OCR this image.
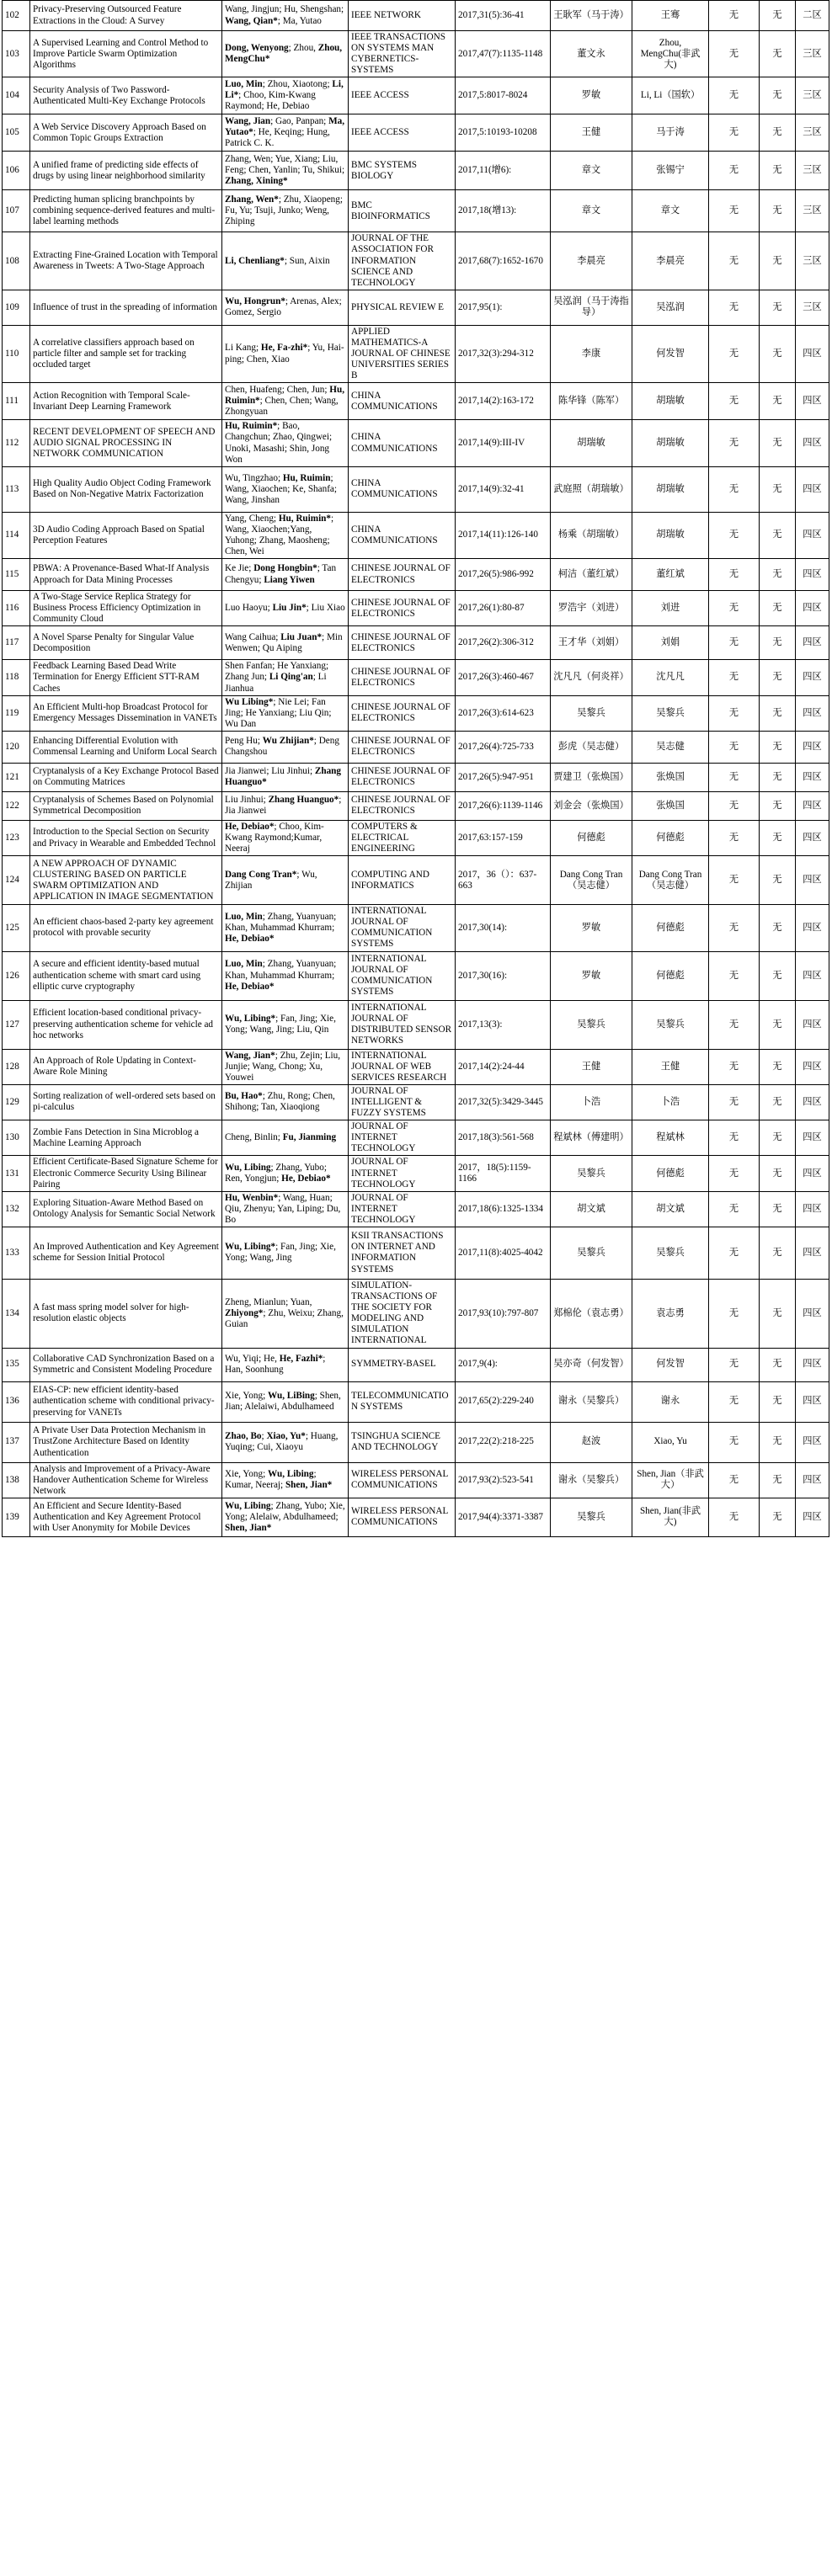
102	Privacy-Preserving Outsourced Feature Extractions in the Cloud: A Survey	Wang, Jingjun; Hu, Shengshan; Wang, Qian*; Ma, Yutao	IEEE NETWORK	2017,31(5):36-41	王耿军（马于涛）	王骞	无	无	二区
103	A Supervised Learning and Control Method to Improve Particle Swarm Optimization Algorithms	Dong, Wenyong; Zhou, Zhou, MengChu*	IEEE TRANSACTIONS ON SYSTEMS MAN CYBERNETICS-SYSTEMS	2017,47(7):1135-1148	董文永	Zhou, MengChu(非武大)	无	无	三区
104	Security Analysis of Two Password-Authenticated Multi-Key Exchange Protocols	Luo, Min; Zhou, Xiaotong; Li, Li*; Choo, Kim-Kwang Raymond; He, Debiao	IEEE ACCESS	2017,5:8017-8024	罗敏	Li, Li（国软）	无	无	三区
105	A Web Service Discovery Approach Based on Common Topic Groups Extraction	Wang, Jian; Gao, Panpan; Ma, Yutao*; He, Keqing; Hung, Patrick C. K.	IEEE ACCESS	2017,5:10193-10208	王健	马于涛	无	无	三区
106	A unified frame of predicting side effects of drugs by using linear neighborhood similarity	Zhang, Wen; Yue, Xiang; Liu, Feng; Chen, Yanlin; Tu, Shikui; Zhang, Xining*	BMC SYSTEMS BIOLOGY	2017,11(增6):	章文	张锡宁	无	无	三区
107	Predicting human splicing branchpoints by combining sequence-derived features and multi-label learning methods	Zhang, Wen*; Zhu, Xiaopeng; Fu, Yu; Tsuji, Junko; Weng, Zhiping	BMC BIOINFORMATICS	2017,18(增13):	章文	章文	无	无	三区
108	Extracting Fine-Grained Location with Temporal Awareness in Tweets: A Two-Stage Approach	Li, Chenliang*; Sun, Aixin	JOURNAL OF THE ASSOCIATION FOR INFORMATION SCIENCE AND TECHNOLOGY	2017,68(7):1652-1670	李晨亮	李晨亮	无	无	三区
109	Influence of trust in the spreading of information	Wu, Hongrun*; Arenas, Alex; Gomez, Sergio	PHYSICAL REVIEW E	2017,95(1):	吴泓润（马于涛指导）	吴泓润	无	无	三区
110	A correlative classifiers approach based on particle filter and sample set for tracking occluded target	Li Kang; He, Fa-zhi*; Yu, Hai-ping; Chen, Xiao	APPLIED MATHEMATICS-A JOURNAL OF CHINESE UNIVERSITIES SERIES B	2017,32(3):294-312	李康	何发智	无	无	四区
111	Action Recognition with Temporal Scale-Invariant Deep Learning Framework	Chen, Huafeng; Chen, Jun; Hu, Ruimin*; Chen, Chen; Wang, Zhongyuan	CHINA COMMUNICATIONS	2017,14(2):163-172	陈华锋（陈军）	胡瑞敏	无	无	四区
112	RECENT DEVELOPMENT OF SPEECH AND AUDIO SIGNAL PROCESSING IN NETWORK COMMUNICATION	Hu, Ruimin*; Bao, Changchun; Zhao, Qingwei; Unoki, Masashi; Shin, Jong Won	CHINA COMMUNICATIONS	2017,14(9):III-IV	胡瑞敏	胡瑞敏	无	无	四区
113	High Quality Audio Object Coding Framework Based on Non-Negative Matrix Factorization	Wu, Tingzhao; Hu, Ruimin; Wang, Xiaochen; Ke, Shanfa; Wang, Jinshan	CHINA COMMUNICATIONS	2017,14(9):32-41	武庭照（胡瑞敏）	胡瑞敏	无	无	四区
114	3D Audio Coding Approach Based on Spatial Perception Features	Yang, Cheng; Hu, Ruimin*; Wang, Xiaochen;Yang, Yuhong; Zhang, Maosheng; Chen, Wei	CHINA COMMUNICATIONS	2017,14(11):126-140	杨乘（胡瑞敏）	胡瑞敏	无	无	四区
115	PBWA: A Provenance-Based What-If Analysis Approach for Data Mining Processes	Ke Jie; Dong Hongbin*; Tan Chengyu; Liang Yiwen	CHINESE JOURNAL OF ELECTRONICS	2017,26(5):986-992	柯洁（董红斌）	董红斌	无	无	四区
116	A Two-Stage Service Replica Strategy for Business Process Efficiency Optimization in Community Cloud	Luo Haoyu; Liu Jin*; Liu Xiao	CHINESE JOURNAL OF ELECTRONICS	2017,26(1):80-87	罗浩宇（刘进）	刘进	无	无	四区
117	A Novel Sparse Penalty for Singular Value Decomposition	Wang Caihua; Liu Juan*; Min Wenwen; Qu Aiping	CHINESE JOURNAL OF ELECTRONICS	2017,26(2):306-312	王才华（刘娟）	刘娟	无	无	四区
118	Feedback Learning Based Dead Write Termination for Energy Efficient STT-RAM Caches	Shen Fanfan; He Yanxiang; Zhang Jun; Li Qing'an; Li Jianhua	CHINESE JOURNAL OF ELECTRONICS	2017,26(3):460-467	沈凡凡（何炎祥）	沈凡凡	无	无	四区
119	An Efficient Multi-hop Broadcast Protocol for Emergency Messages Dissemination in VANETs	Wu Libing*; Nie Lei; Fan Jing; He Yanxiang; Liu Qin; Wu Dan	CHINESE JOURNAL OF ELECTRONICS	2017,26(3):614-623	吴黎兵	吴黎兵	无	无	四区
120	Enhancing Differential Evolution with Commensal Learning and Uniform Local Search	Peng Hu; Wu Zhijian*; Deng Changshou	CHINESE JOURNAL OF ELECTRONICS	2017,26(4):725-733	彭虎（吴志健）	吴志健	无	无	四区
121	Cryptanalysis of a Key Exchange Protocol Based on Commuting Matrices	Jia Jianwei; Liu Jinhui; Zhang Huanguo*	CHINESE JOURNAL OF ELECTRONICS	2017,26(5):947-951	贾建卫（张焕国）	张焕国	无	无	四区
122	Cryptanalysis of Schemes Based on Polynomial Symmetrical Decomposition	Liu Jinhui; Zhang Huanguo*; Jia Jianwei	CHINESE JOURNAL OF ELECTRONICS	2017,26(6):1139-1146	刘金会（张焕国）	张焕国	无	无	四区
123	Introduction to the Special Section on Security and Privacy in Wearable and Embedded Technol	He, Debiao*; Choo, Kim-Kwang Raymond;Kumar, Neeraj	COMPUTERS & ELECTRICAL ENGINEERING	2017,63:157-159	何德彪	何德彪	无	无	四区
124	A NEW APPROACH OF DYNAMIC CLUSTERING BASED ON PARTICLE SWARM OPTIMIZATION AND APPLICATION IN IMAGE SEGMENTATION	Dang Cong Tran*; Wu, Zhijian	COMPUTING AND INFORMATICS	2017，36（）：637-663	Dang Cong Tran（吴志健）	Dang Cong Tran（吴志健）	无	无	四区
125	An efficient chaos-based 2-party key agreement protocol with provable security	Luo, Min; Zhang, Yuanyuan; Khan, Muhammad Khurram; He, Debiao*	INTERNATIONAL JOURNAL OF COMMUNICATION SYSTEMS	2017,30(14):	罗敏	何德彪	无	无	四区
126	A secure and efficient identity-based mutual authentication scheme with smart card using elliptic curve cryptography	Luo, Min; Zhang, Yuanyuan; Khan, Muhammad Khurram; He, Debiao*	INTERNATIONAL JOURNAL OF COMMUNICATION SYSTEMS	2017,30(16):	罗敏	何德彪	无	无	四区
127	Efficient location-based conditional privacy-preserving authentication scheme for vehicle ad hoc networks	Wu, Libing*; Fan, Jing; Xie, Yong; Wang, Jing; Liu, Qin	INTERNATIONAL JOURNAL OF DISTRIBUTED SENSOR NETWORKS	2017,13(3):	吴黎兵	吴黎兵	无	无	四区
128	An Approach of Role Updating in Context-Aware Role Mining	Wang, Jian*; Zhu, Zejin; Liu, Junjie; Wang, Chong; Xu, Youwei	INTERNATIONAL JOURNAL OF WEB SERVICES RESEARCH	2017,14(2):24-44	王健	王健	无	无	四区
129	Sorting realization of well-ordered sets based on pi-calculus	Bu, Hao*; Zhu, Rong; Chen, Shihong; Tan, Xiaoqiong	JOURNAL OF INTELLIGENT & FUZZY SYSTEMS	2017,32(5):3429-3445	卜浩	卜浩	无	无	四区
130	Zombie Fans Detection in Sina Microblog a Machine Learning Approach	Cheng, Binlin; Fu, Jianming	JOURNAL OF INTERNET TECHNOLOGY	2017,18(3):561-568	程斌林（傅建明）	程斌林	无	无	四区
131	Efficient Certificate-Based Signature Scheme for Electronic Commerce Security Using Bilinear Pairing	Wu, Libing; Zhang, Yubo; Ren, Yongjun; He, Debiao*	JOURNAL OF INTERNET TECHNOLOGY	2017，18(5):1159-1166	吴黎兵	何德彪	无	无	四区
132	Exploring Situation-Aware Method Based on Ontology Analysis for Semantic Social Network	Hu, Wenbin*; Wang, Huan; Qiu, Zhenyu; Yan, Liping; Du, Bo	JOURNAL OF INTERNET TECHNOLOGY	2017,18(6):1325-1334	胡文斌	胡文斌	无	无	四区
133	An Improved Authentication and Key Agreement scheme for Session Initial Protocol	Wu, Libing*; Fan, Jing; Xie, Yong; Wang, Jing	KSII TRANSACTIONS ON INTERNET AND INFORMATION SYSTEMS	2017,11(8):4025-4042	吴黎兵	吴黎兵	无	无	四区
134	A fast mass spring model solver for high-resolution elastic objects	Zheng, Mianlun; Yuan, Zhiyong*; Zhu, Weixu; Zhang, Guian	SIMULATION-TRANSACTIONS OF THE SOCIETY FOR MODELING AND SIMULATION INTERNATIONAL	2017,93(10):797-807	郑棉伦（袁志勇）	袁志勇	无	无	四区
135	Collaborative CAD Synchronization Based on a Symmetric and Consistent Modeling Procedure	Wu, Yiqi; He, He, Fazhi*; Han, Soonhung	SYMMETRY-BASEL	2017,9(4):	吴亦奇（何发智）	何发智	无	无	四区
136	EIAS-CP: new efficient identity-based authentication scheme with conditional privacy-preserving for VANETs	Xie, Yong; Wu, LiBing; Shen, Jian; Alelaiwi, Abdulhameed	TELECOMMUNICATION SYSTEMS	2017,65(2):229-240	谢永（吴黎兵）	谢永	无	无	四区
137	A Private User Data Protection Mechanism in TrustZone Architecture Based on Identity Authentication	Zhao, Bo; Xiao, Yu*; Huang, Yuqing; Cui, Xiaoyu	TSINGHUA SCIENCE AND TECHNOLOGY	2017,22(2):218-225	赵波	Xiao, Yu	无	无	四区
138	Analysis and Improvement of a Privacy-Aware Handover Authentication Scheme for Wireless Network	Xie, Yong; Wu, Libing; Kumar, Neeraj; Shen, Jian*	WIRELESS PERSONAL COMMUNICATIONS	2017,93(2):523-541	谢永（吴黎兵）	Shen, Jian（非武大）	无	无	四区
139	An Efficient and Secure Identity-Based Authentication and Key Agreement Protocol with User Anonymity for Mobile Devices	Wu, Libing; Zhang, Yubo; Xie, Yong; Alelaiw, Abdulhameed; Shen, Jian*	WIRELESS PERSONAL COMMUNICATIONS	2017,94(4):3371-3387	吴黎兵	Shen, Jian(非武大)	无	无	四区
